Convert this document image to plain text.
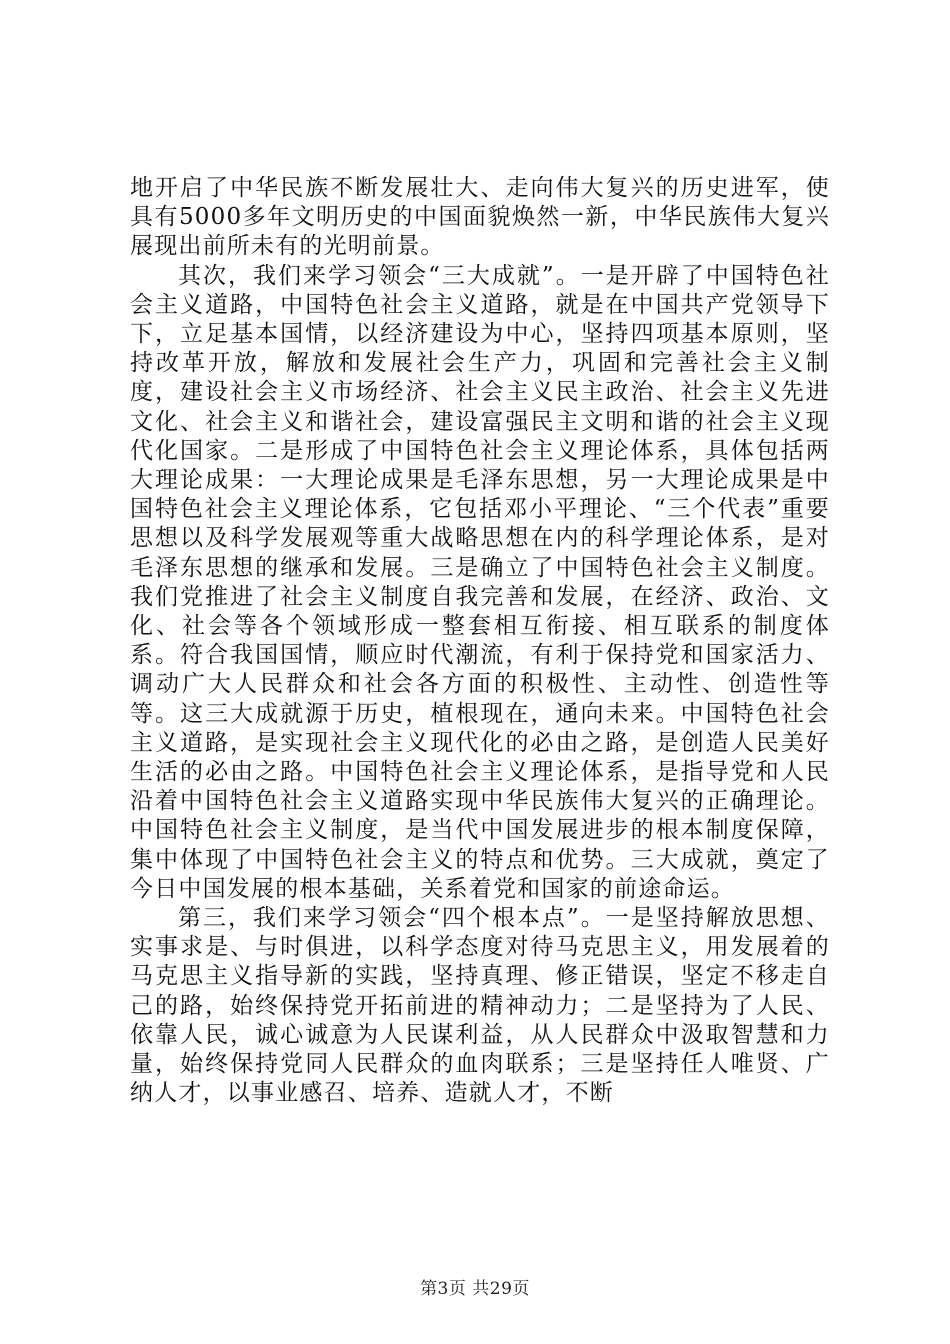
地开启了中华民族不断发展壮大、走向伟大复兴的历史进军，使具有5000多年文明历史的中国面貌焕然一新，中华民族伟大复兴展现出前所未有的光明前景。

其次，我们来学习领会“三大成就”。一是开辟了中国特色社会主义道路，中国特色社会主义道路，就是在中国共产党领导下下，立足基本国情，以经济建设为中心，坚持四项基本原则，坚持改革开放，解放和发展社会生产力，巩固和完善社会主义制度，建设社会主义市场经济、社会主义民主政治、社会主义先进文化、社会主义和谐社会，建设富强民主文明和谐的社会主义现代化国家。二是形成了中国特色社会主义理论体系，具体包括两大理论成果：一大理论成果是毛泽东思想，另一大理论成果是中国特色社会主义理论体系，它包括邓小平理论、“三个代表”重要思想以及科学发展观等重大战略思想在内的科学理论体系，是对毛泽东思想的继承和发展。三是确立了中国特色社会主义制度。我们党推进了社会主义制度自我完善和发展，在经济、政治、文化、社会等各个领域形成一整套相互衔接、相互联系的制度体系。符合我国国情，顺应时代潮流，有利于保持党和国家活力、调动广大人民群众和社会各方面的积极性、主动性、创造性等等。这三大成就源于历史，植根现在，通向未来。中国特色社会主义道路，是实现社会主义现代化的必由之路，是创造人民美好生活的必由之路。中国特色社会主义理论体系，是指导党和人民沿着中国特色社会主义道路实现中华民族伟大复兴的正确理论。中国特色社会主义制度，是当代中国发展进步的根本制度保障，集中体现了中国特色社会主义的特点和优势。三大成就，奠定了今日中国发展的根本基础，关系着党和国家的前途命运。

第三，我们来学习领会“四个根本点”。一是坚持解放思想、实事求是、与时俱进，以科学态度对待马克思主义，用发展着的马克思主义指导新的实践，坚持真理、修正错误，坚定不移走自己的路，始终保持党开拓前进的精神动力；二是坚持为了人民、依靠人民，诚心诚意为人民谋利益，从人民群众中汲取智慧和力量，始终保持党同人民群众的血肉联系；三是坚持任人唯贤、广纳人才，以事业感召、培养、造就人才，不断

第3页 共29页
